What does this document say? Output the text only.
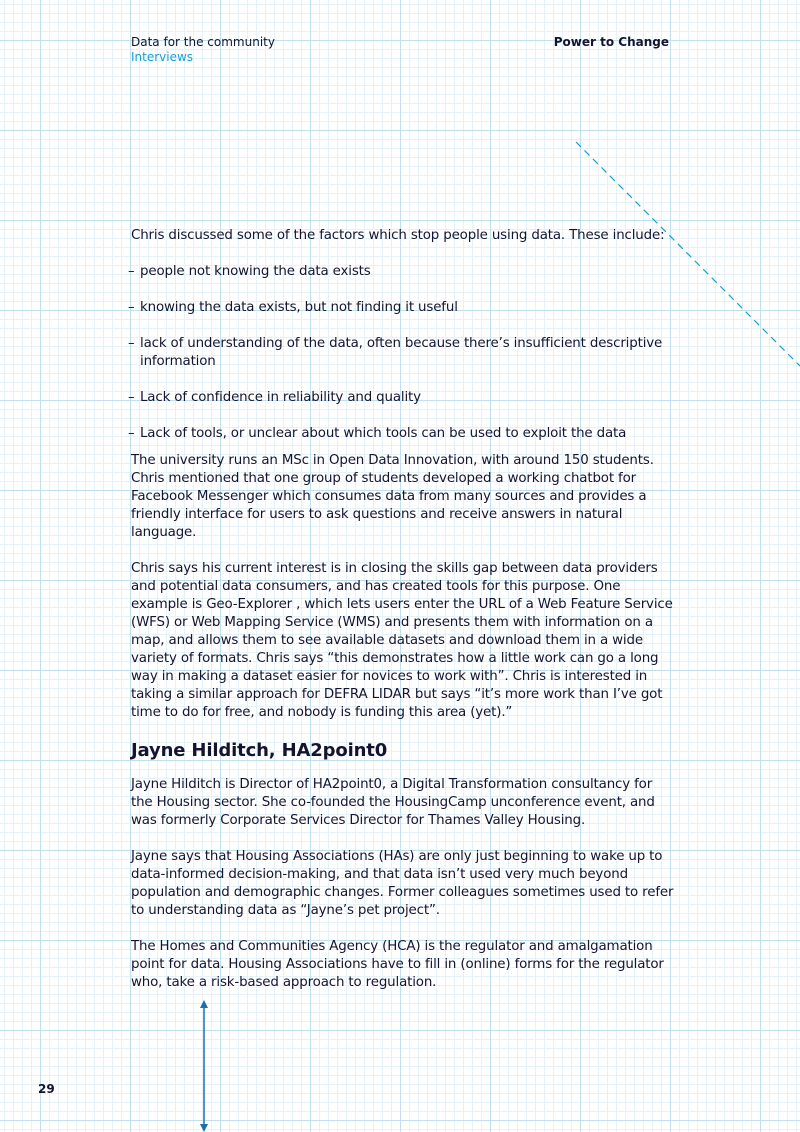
Data for the community
Interviews
Power to Change

Chris discussed some of the factors which stop people using data. These include:

– people not knowing the data exists
– knowing the data exists, but not finding it useful
– lack of understanding of the data, often because there’s insufficient descriptive information
– Lack of confidence in reliability and quality
– Lack of tools, or unclear about which tools can be used to exploit the data

The university runs an MSc in Open Data Innovation, with around 150 students. Chris mentioned that one group of students developed a working chatbot for Facebook Messenger which consumes data from many sources and provides a friendly interface for users to ask questions and receive answers in natural language.

Chris says his current interest is in closing the skills gap between data providers and potential data consumers, and has created tools for this purpose. One example is Geo-Explorer , which lets users enter the URL of a Web Feature Service (WFS) or Web Mapping Service (WMS) and presents them with information on a map, and allows them to see available datasets and download them in a wide variety of formats. Chris says “this demonstrates how a little work can go a long way in making a dataset easier for novices to work with”. Chris is interested in taking a similar approach for DEFRA LIDAR but says “it’s more work than I’ve got time to do for free, and nobody is funding this area (yet).”

Jayne Hilditch, HA2point0

Jayne Hilditch is Director of HA2point0, a Digital Transformation consultancy for the Housing sector. She co-founded the HousingCamp unconference event, and was formerly Corporate Services Director for Thames Valley Housing.

Jayne says that Housing Associations (HAs) are only just beginning to wake up to data-informed decision-making, and that data isn’t used very much beyond population and demographic changes. Former colleagues sometimes used to refer to understanding data as “Jayne’s pet project”.

The Homes and Communities Agency (HCA) is the regulator and amalgamation point for data. Housing Associations have to fill in (online) forms for the regulator who, take a risk-based approach to regulation.

29
